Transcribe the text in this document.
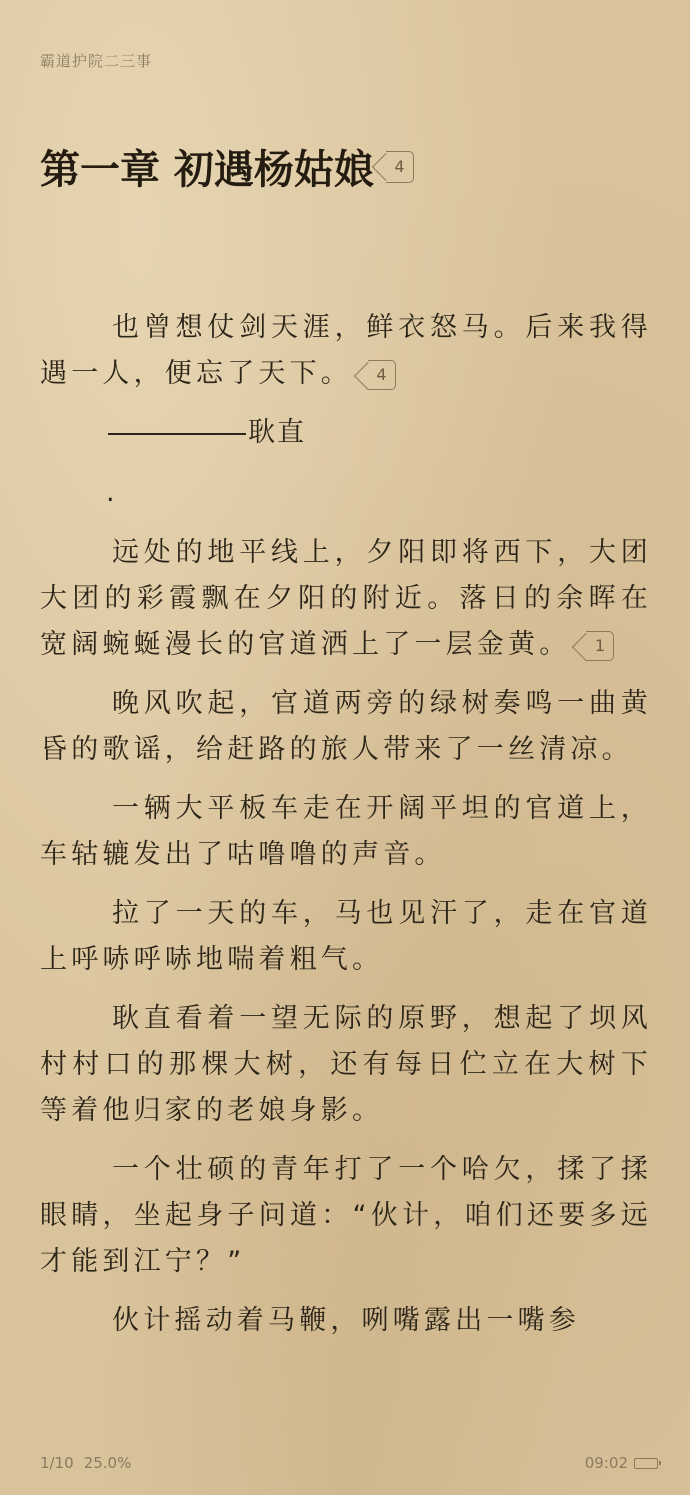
霸道护院二三事
第一章 初遇杨姑娘 4

也曾想仗剑天涯，鲜衣怒马。后来我得遇一人，便忘了天下。 4

耿直
.

远处的地平线上，夕阳即将西下，大团大团的彩霞飘在夕阳的附近。落日的余晖在宽阔蜿蜒漫长的官道洒上了一层金黄。 1

晚风吹起，官道两旁的绿树奏鸣一曲黄昏的歌谣，给赶路的旅人带来了一丝清凉。

一辆大平板车走在开阔平坦的官道上，车轱辘发出了咕噜噜的声音。

拉了一天的车，马也见汗了，走在官道上呼哧呼哧地喘着粗气。

耿直看着一望无际的原野，想起了坝风村村口的那棵大树，还有每日伫立在大树下等着他归家的老娘身影。

一个壮硕的青年打了一个哈欠，揉了揉眼睛，坐起身子问道：“伙计，咱们还要多远才能到江宁？”

伙计摇动着马鞭，咧嘴露出一嘴参

1/10 25.0%	09:02
